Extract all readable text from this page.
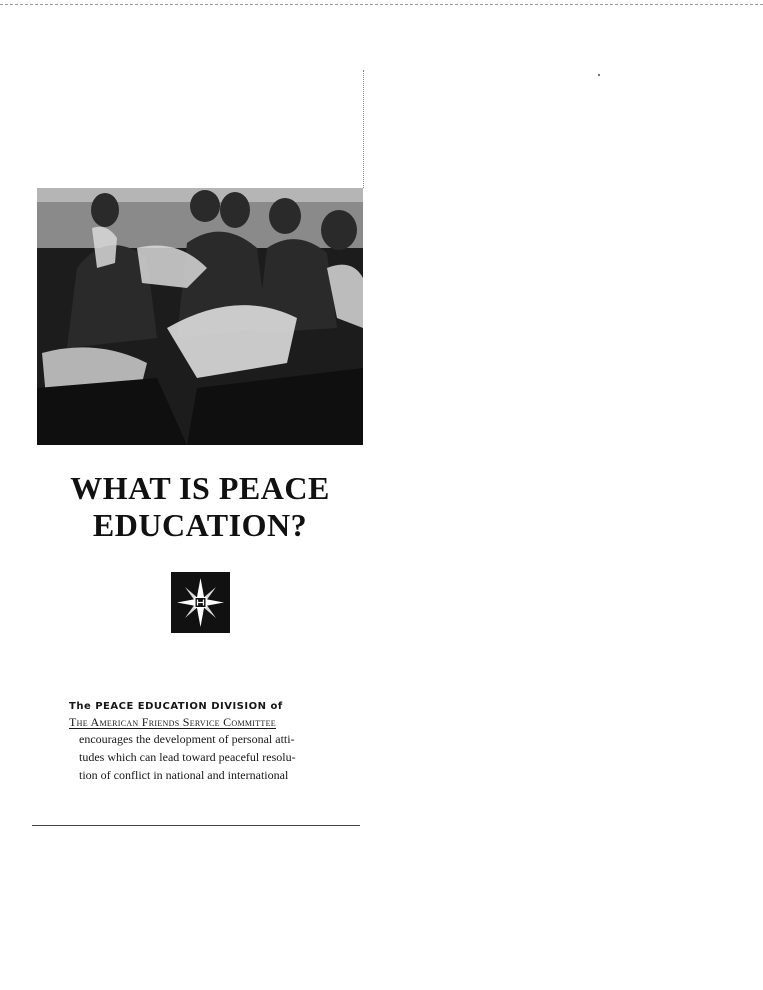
WHAT IS PEACE
EDUCATION?
The PEACE EDUCATION DIVISION of
The American Friends Service Committee
encourages the development of personal atti-
tudes which can lead toward peaceful resolu-
tion of conflict in national and international
